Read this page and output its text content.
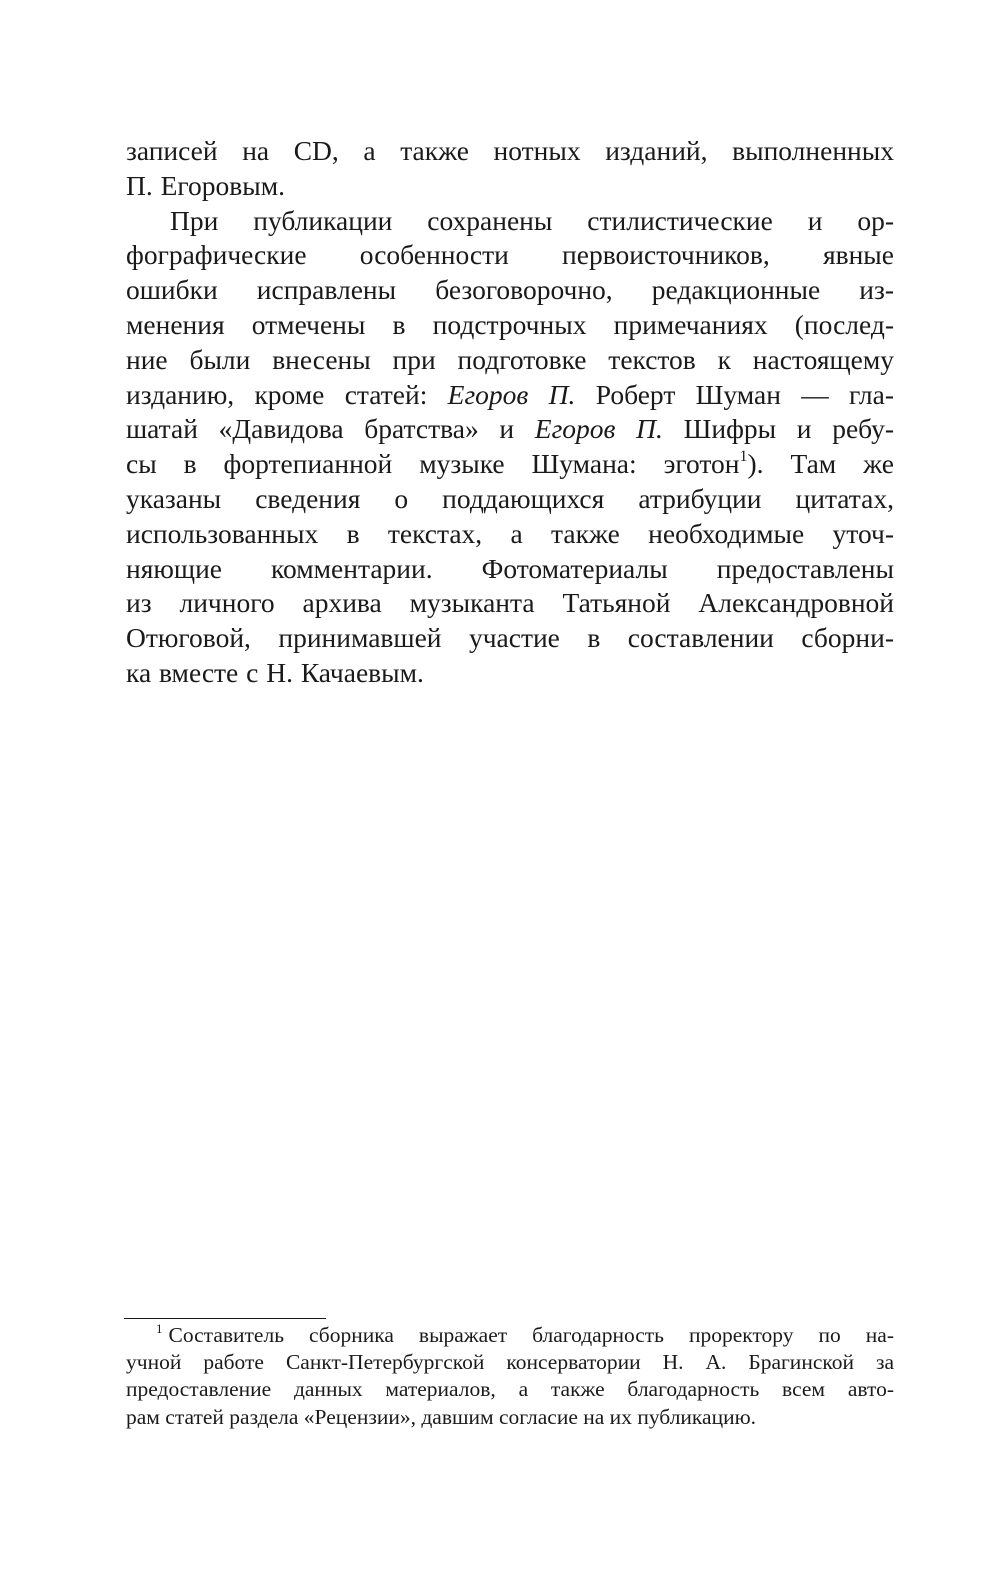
записей на CD, а также нотных изданий, выполненных
П. Егоровым.
При публикации сохранены стилистические и ор-
фографические особенности первоисточников, явные
ошибки исправлены безоговорочно, редакционные из-
менения отмечены в подстрочных примечаниях (послед-
ние были внесены при подготовке текстов к настоящему
изданию, кроме статей: Егоров П. Роберт Шуман — гла-
шатай «Давидова братства» и Егоров П. Шифры и ребу-
сы в фортепианной музыке Шумана: эготон$^1$). Там же
указаны сведения о поддающихся атрибуции цитатах,
использованных в текстах, а также необходимые уточ-
няющие комментарии. Фотоматериалы предоставлены
из личного архива музыканта Татьяной Александровной
Отюговой, принимавшей участие в составлении сборни-
ка вместе с Н. Качаевым.
$^1$ Составитель сборника выражает благодарность проректору по на-
учной работе Санкт-Петербургской консерватории Н. А. Брагинской за
предоставление данных материалов, а также благодарность всем авто-
рам статей раздела «Рецензии», давшим согласие на их публикацию.
